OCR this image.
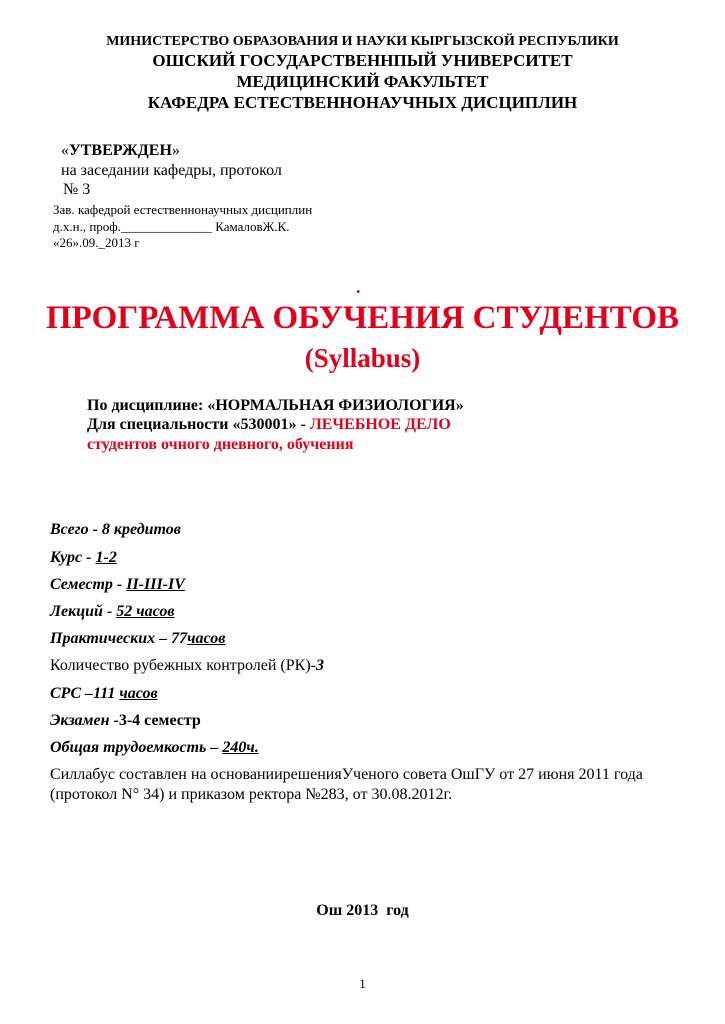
МИНИСТЕРСТВО ОБРАЗОВАНИЯ И НАУКИ КЫРГЫЗСКОЙ РЕСПУБЛИКИ
ОШСКИЙ ГОСУДАРСТВЕННПЫЙ УНИВЕРСИТЕТ
МЕДИЦИНСКИЙ ФАКУЛЬТЕТ
КАФЕДРА ЕСТЕСТВЕННОНАУЧНЫХ ДИСЦИПЛИН
«УТВЕРЖДЕН»
на заседании кафедры, протокол
№ 3
Зав. кафедрой естественнонаучных дисциплин
д.х.н., проф.______________ КамаловЖ.К.
«26».09._2013 г
.
ПРОГРАММА ОБУЧЕНИЯ СТУДЕНТОВ
(Syllabus)
По дисциплине: «НОРМАЛЬНАЯ ФИЗИОЛОГИЯ»
Для специальности «530001» - ЛЕЧЕБНОЕ ДЕЛО
студентов очного дневного, обучения
Всего - 8 кредитов
Курс - 1-2
Семестр - II-III-IV
Лекций - 52 часов
Практических – 77часов
Количество рубежных контролей (РК)-3
СРС –111 часов
Экзамен -3-4 семестр
Общая трудоемкость – 240ч.
Силлабус составлен на основаниирешенияУченого совета ОшГУ от 27 июня 2011 года (протокол N° 34) и приказом ректора №283, от 30.08.2012г.
Ош 2013  год
1
